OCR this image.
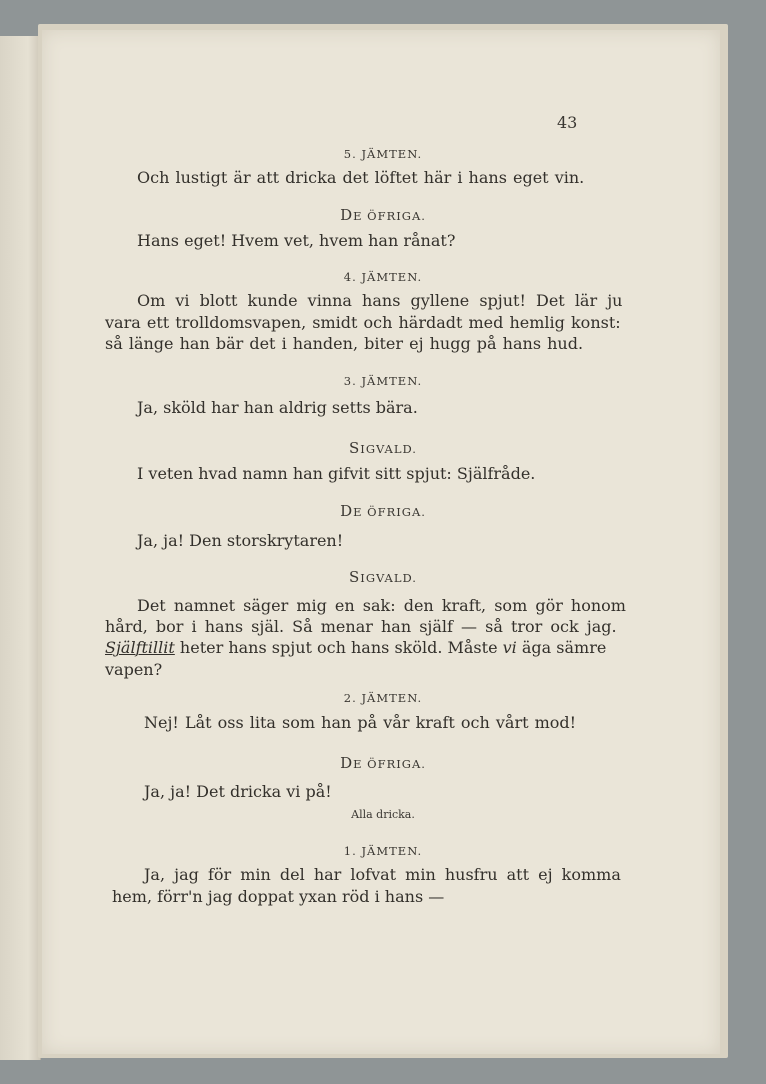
43
5. JÄMTEN.
Och lustigt är att dricka det löftet här i hans eget vin.
DE ÖFRIGA.
Hans eget! Hvem vet, hvem han rånat?
4. JÄMTEN.
Om vi blott kunde vinna hans gyllene spjut! Det lär ju
vara ett trolldomsvapen, smidt och härdadt med hemlig konst:
så länge han bär det i handen, biter ej hugg på hans hud.
3. JÄMTEN.
Ja, sköld har han aldrig setts bära.
SIGVALD.
I veten hvad namn han gifvit sitt spjut: Själfråde.
DE ÖFRIGA.
Ja, ja! Den storskrytaren!
SIGVALD.
Det namnet säger mig en sak: den kraft, som gör honom
hård, bor i hans själ. Så menar han själf — så tror ock jag.
Själftillit heter hans spjut och hans sköld. Måste vi äga sämre
vapen?
2. JÄMTEN.
Nej! Låt oss lita som han på vår kraft och vårt mod!
DE ÖFRIGA.
Ja, ja! Det dricka vi på!
Alla dricka.
1. JÄMTEN.
Ja, jag för min del har lofvat min husfru att ej komma
hem, förr'n jag doppat yxan röd i hans —
